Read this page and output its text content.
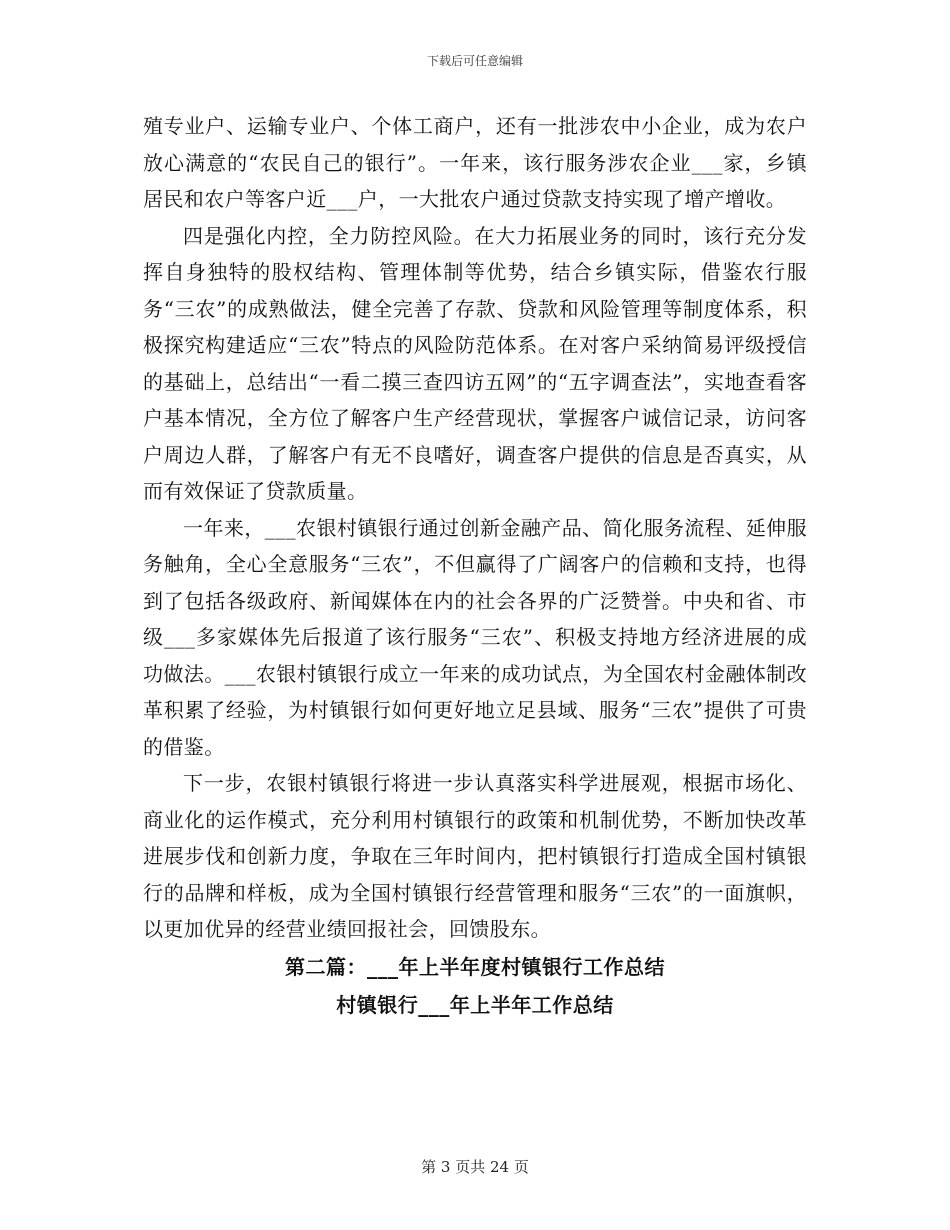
下载后可任意编辑

殖专业户、运输专业户、个体工商户，还有一批涉农中小企业，成为农户放心满意的“农民自己的银行”。一年来，该行服务涉农企业___家，乡镇居民和农户等客户近___户，一大批农户通过贷款支持实现了增产增收。

四是强化内控，全力防控风险。在大力拓展业务的同时，该行充分发挥自身独特的股权结构、管理体制等优势，结合乡镇实际，借鉴农行服务“三农”的成熟做法，健全完善了存款、贷款和风险管理等制度体系，积极探究构建适应“三农”特点的风险防范体系。在对客户采纳简易评级授信的基础上，总结出“一看二摸三查四访五网”的“五字调查法”，实地查看客户基本情况，全方位了解客户生产经营现状，掌握客户诚信记录，访问客户周边人群，了解客户有无不良嗜好，调查客户提供的信息是否真实，从而有效保证了贷款质量。

一年来，___农银村镇银行通过创新金融产品、简化服务流程、延伸服务触角，全心全意服务“三农”，不但赢得了广阔客户的信赖和支持，也得到了包括各级政府、新闻媒体在内的社会各界的广泛赞誉。中央和省、市级___多家媒体先后报道了该行服务“三农”、积极支持地方经济进展的成功做法。___农银村镇银行成立一年来的成功试点，为全国农村金融体制改革积累了经验，为村镇银行如何更好地立足县域、服务“三农”提供了可贵的借鉴。

下一步，农银村镇银行将进一步认真落实科学进展观，根据市场化、商业化的运作模式，充分利用村镇银行的政策和机制优势，不断加快改革进展步伐和创新力度，争取在三年时间内，把村镇银行打造成全国村镇银行的品牌和样板，成为全国村镇银行经营管理和服务“三农”的一面旗帜，以更加优异的经营业绩回报社会，回馈股东。

第二篇：___年上半年度村镇银行工作总结
村镇银行___年上半年工作总结
第 3 页共 24 页
